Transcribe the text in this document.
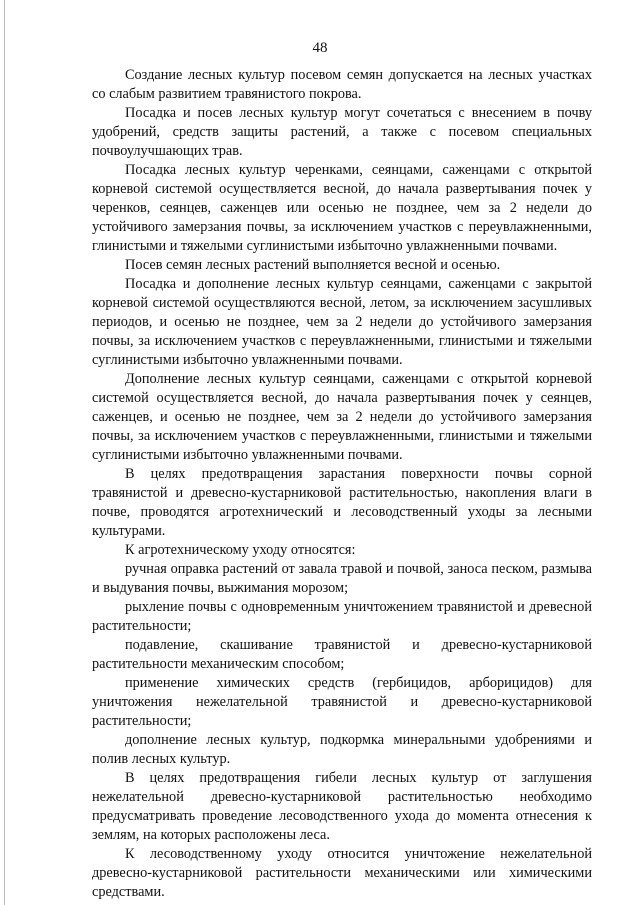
48

Создание лесных культур посевом семян допускается на лесных участках со слабым развитием травянистого покрова.

Посадка и посев лесных культур могут сочетаться с внесением в почву удобрений, средств защиты растений, а также с посевом специальных почвоулучшающих трав.

Посадка лесных культур черенками, сеянцами, саженцами с открытой корневой системой осуществляется весной, до начала развертывания почек у черенков, сеянцев, саженцев или осенью не позднее, чем за 2 недели до устойчивого замерзания почвы, за исключением участков с переувлажненными, глинистыми и тяжелыми суглинистыми избыточно увлажненными почвами.

Посев семян лесных растений выполняется весной и осенью.

Посадка и дополнение лесных культур сеянцами, саженцами с закрытой корневой системой осуществляются весной, летом, за исключением засушливых периодов, и осенью не позднее, чем за 2 недели до устойчивого замерзания почвы, за исключением участков с переувлажненными, глинистыми и тяжелыми суглинистыми избыточно увлажненными почвами.

Дополнение лесных культур сеянцами, саженцами с открытой корневой системой осуществляется весной, до начала развертывания почек у сеянцев, саженцев, и осенью не позднее, чем за 2 недели до устойчивого замерзания почвы, за исключением участков с переувлажненными, глинистыми и тяжелыми суглинистыми избыточно увлажненными почвами.

В целях предотвращения зарастания поверхности почвы сорной травянистой и древесно-кустарниковой растительностью, накопления влаги в почве, проводятся агротехнический и лесоводственный уходы за лесными культурами.

К агротехническому уходу относятся:

ручная оправка растений от завала травой и почвой, заноса песком, размыва и выдувания почвы, выжимания морозом;

рыхление почвы с одновременным уничтожением травянистой и древесной растительности;

подавление, скашивание травянистой и древесно-кустарниковой растительности механическим способом;

применение химических средств (гербицидов, арборицидов) для уничтожения нежелательной травянистой и древесно-кустарниковой растительности;

дополнение лесных культур, подкормка минеральными удобрениями и полив лесных культур.

В целях предотвращения гибели лесных культур от заглушения нежелательной древесно-кустарниковой растительностью необходимо предусматривать проведение лесоводственного ухода до момента отнесения к землям, на которых расположены леса.

К лесоводственному уходу относится уничтожение нежелательной древесно-кустарниковой растительности механическими или химическими средствами.
